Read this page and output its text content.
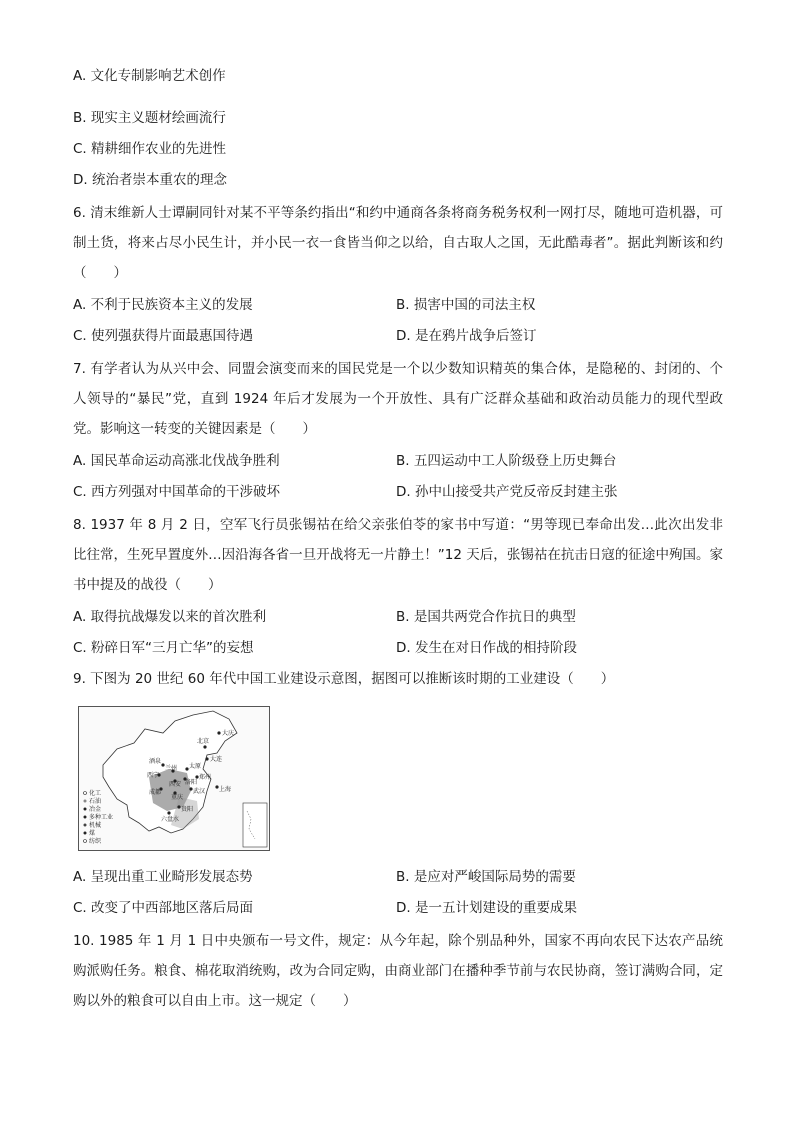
A. 文化专制影响艺术创作
B. 现实主义题材绘画流行
C. 精耕细作农业的先进性
D. 统治者崇本重农的理念
6. 清末维新人士谭嗣同针对某不平等条约指出“和约中通商各条将商务税务权利一网打尽，随地可造机器，可制土货，将来占尽小民生计，并小民一衣一食皆当仰之以给，自古取人之国，无此酷毒者”。据此判断该和约（　　）
A. 不利于民族资本主义的发展	B. 损害中国的司法主权
C. 使列强获得片面最惠国待遇	D. 是在鸦片战争后签订
7. 有学者认为从兴中会、同盟会演变而来的国民党是一个以少数知识精英的集合体，是隐秘的、封闭的、个人领导的“暴民”党，直到 1924 年后才发展为一个开放性、具有广泛群众基础和政治动员能力的现代型政党。影响这一转变的关键因素是（　　）
A. 国民革命运动高涨北伐战争胜利	B. 五四运动中工人阶级登上历史舞台
C. 西方列强对中国革命的干涉破坏	D. 孙中山接受共产党反帝反封建主张
8. 1937 年 8 月 2 日，空军飞行员张锡祜在给父亲张伯苓的家书中写道：“男等现已奉命出发…此次出发非比往常，生死早置度外…因沿海各省一旦开战将无一片静土！”12 天后，张锡祜在抗击日寇的征途中殉国。家书中提及的战役（　　）
A. 取得抗战爆发以来的首次胜利	B. 是国共两党合作抗日的典型
C. 粉碎日军“三月亡华”的妄想	D. 发生在对日作战的相持阶段
9. 下图为 20 世纪 60 年代中国工业建设示意图，据图可以推断该时期的工业建设（　　）
大庆
北京
大连
酒泉
西宁
兰州 太原
洛阳
郑州
西安
成都
重庆
武汉 上海
贵阳
六盘水
化工
石油
冶金
多种工业
机械
煤
纺织
A. 呈现出重工业畸形发展态势	B. 是应对严峻国际局势的需要
C. 改变了中西部地区落后局面	D. 是一五计划建设的重要成果
10. 1985 年 1 月 1 日中央颁布一号文件，规定：从今年起，除个别品种外，国家不再向农民下达农产品统购派购任务。粮食、棉花取消统购，改为合同定购，由商业部门在播种季节前与农民协商，签订满购合同，定购以外的粮食可以自由上市。这一规定（　　）
